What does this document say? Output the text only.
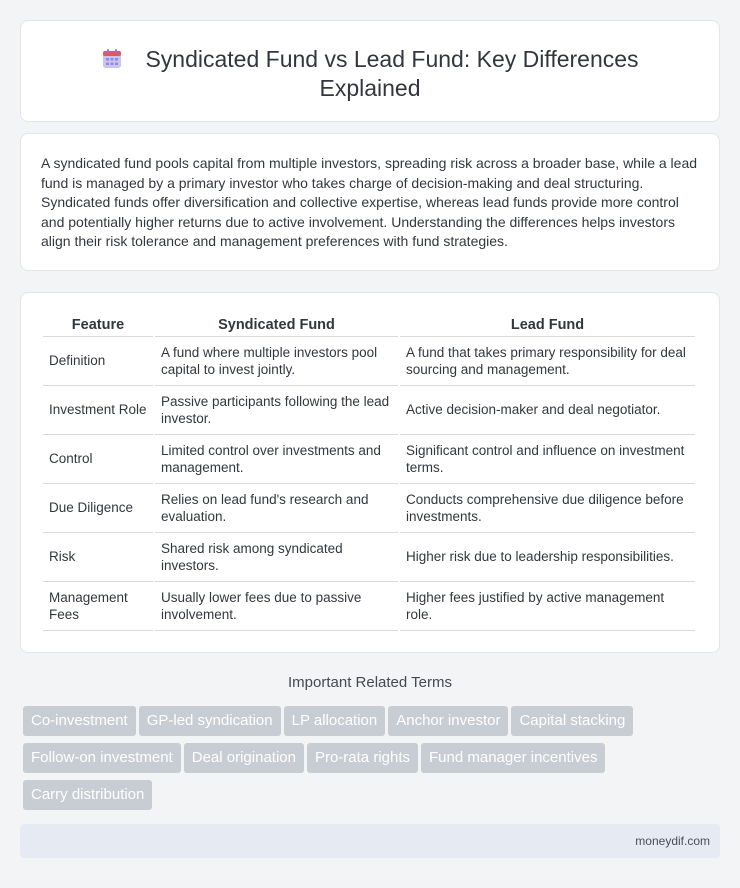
Syndicated Fund vs Lead Fund: Key Differences
Explained

A syndicated fund pools capital from multiple investors, spreading risk across a broader base, while a lead fund is managed by a primary investor who takes charge of decision-making and deal structuring. Syndicated funds offer diversification and collective expertise, whereas lead funds provide more control and potentially higher returns due to active involvement. Understanding the differences helps investors align their risk tolerance and management preferences with fund strategies.

Feature	Syndicated Fund	Lead Fund
Definition	A fund where multiple investors pool capital to invest jointly.	A fund that takes primary responsibility for deal sourcing and management.
Investment Role	Passive participants following the lead investor.	Active decision-maker and deal negotiator.
Control	Limited control over investments and management.	Significant control and influence on investment terms.
Due Diligence	Relies on lead fund's research and evaluation.	Conducts comprehensive due diligence before investments.
Risk	Shared risk among syndicated investors.	Higher risk due to leadership responsibilities.
Management Fees	Usually lower fees due to passive involvement.	Higher fees justified by active management role.
Important Related Terms
Co-investment GP-led syndication LP allocation Anchor investor Capital stackingFollow-on investment Deal origination Pro-rata rights Fund manager incentivesCarry distribution
moneydif.com
